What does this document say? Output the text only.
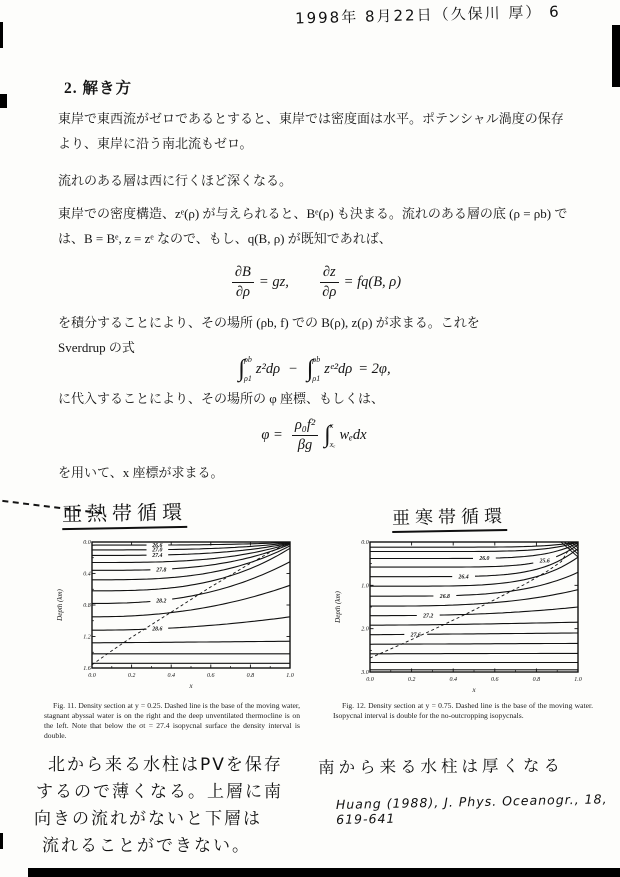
1998年 8月22日（久保川 厚） 6
2. 解き方
東岸で東西流がゼロであるとすると、東岸では密度面は水平。ポテンシャル渦度の保存より、東岸に沿う南北流もゼロ。
流れのある層は西に行くほど深くなる。
東岸での密度構造、zᵉ(ρ) が与えられると、Bᵉ(ρ) も決まる。流れのある層の底 (ρ = ρb) では、B = Bᵉ, z = zᵉ なので、もし、q(B, ρ) が既知であれば、
$\frac{\partial B}{\partial\rho}$ = gz, $\frac{\partial z}{\partial\rho} = fq(B$, ρ)
を積分することにより、その場所 (ρb, f) での B(ρ), z(ρ) が求まる。これを
Sverdrup の式
∫ ρb
ρ1
z²dρ − ∫ ρb
ρ1
zᵉ²dρ = 2φ,
に代入することにより、その場所の φ 座標、もしくは、
$\varphi = \frac{\text{ρ₀f²}}{\beta g}$ ∫ x
xₑ
wₑdx
を用いて、x 座標が求まる。
亜熱帯循環	亜寒帯循環
26.6
27.0
27.4
27.8
28.2
28.6
0.0	0.2	0.4	0.6	0.8	1.0
0.0
0.4
0.8
1.2
1.6
Depth (km)
x
26.0	25.6
26.4
26.8
27.2
27.6
0.0	0.2	0.4	0.6	0.8	1.0
0.0
1.0
2.0
3.0
Depth (km)
x
Fig. 11. Density section at y = 0.25. Dashed line is the base of the moving water, stagnant abyssal water is on the right and the deep unventilated thermocline is on the left. Note that below the σt = 27.4 isopycnal surface the density interval is double.
Fig. 12. Density section at y = 0.75. Dashed line is the base of the moving water. Isopycnal interval is double for the no-outcropping isopycnals.
北から来る水柱はPVを保存
するので薄くなる。上層に南
向きの流れがないと下層は
流れることができない。
南から来る水柱は厚くなる
Huang (1988), J. Phys. Oceanogr., 18, 619-641
